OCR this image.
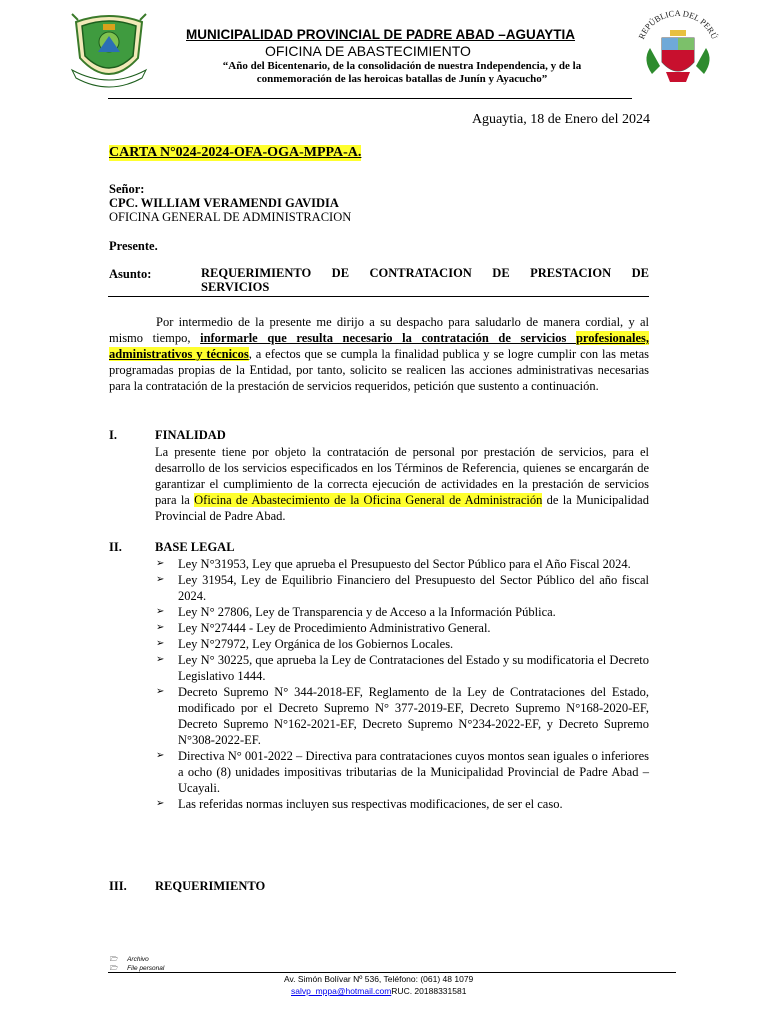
MUNICIPALIDAD PROVINCIAL DE PADRE ABAD –AGUAYTIA
OFICINA DE ABASTECIMIENTO
“Año del Bicentenario, de la consolidación de nuestra Independencia, y de la
conmemoración de las heroicas batallas de Junín y Ayacucho”
REPÚBLICA DEL PERÚ
Aguaytia, 18 de Enero del 2024
CARTA N°024-2024-OFA-OGA-MPPA-A.
Señor:
CPC. WILLIAM VERAMENDI GAVIDIA
OFICINA GENERAL DE ADMINISTRACION
Presente.
Asunto:	REQUERIMIENTO DE CONTRATACION DE PRESTACION DE
SERVICIOS
Por intermedio de la presente me dirijo a su despacho para saludarlo de manera cordial, y al mismo tiempo, informarle que resulta necesario la contratación de servicios profesionales, administrativos y técnicos, a efectos que se cumpla la finalidad publica y se logre cumplir con las metas programadas propias de la Entidad, por tanto, solicito se realicen las acciones administrativas necesarias para la contratación de la prestación de servicios requeridos, petición que sustento a continuación.
I.	FINALIDAD
La presente tiene por objeto la contratación de personal por prestación de servicios, para el desarrollo de los servicios especificados en los Términos de Referencia, quienes se encargarán de garantizar el cumplimiento de la correcta ejecución de actividades en la prestación de servicios para la Oficina de Abastecimiento de la Oficina General de Administración de la Municipalidad Provincial de Padre Abad.
II.	BASE LEGAL
➢ Ley N°31953, Ley que aprueba el Presupuesto del Sector Público para el Año Fiscal 2024.
➢ Ley 31954, Ley de Equilibrio Financiero del Presupuesto del Sector Público del año fiscal 2024.
➢ Ley N° 27806, Ley de Transparencia y de Acceso a la Información Pública.
➢ Ley N°27444 - Ley de Procedimiento Administrativo General.
➢ Ley N°27972, Ley Orgánica de los Gobiernos Locales.
➢ Ley N° 30225, que aprueba la Ley de Contrataciones del Estado y su modificatoria el Decreto Legislativo 1444.
➢ Decreto Supremo N° 344-2018-EF, Reglamento de la Ley de Contrataciones del Estado, modificado por el Decreto Supremo N° 377-2019-EF, Decreto Supremo N°168-2020-EF, Decreto Supremo N°162-2021-EF, Decreto Supremo N°234-2022-EF, y Decreto Supremo N°308-2022-EF.
➢ Directiva N° 001-2022 – Directiva para contrataciones cuyos montos sean iguales o inferiores a ocho (8) unidades impositivas tributarias de la Municipalidad Provincial de Padre Abad – Ucayali.
➢ Las referidas normas incluyen sus respectivas modificaciones, de ser el caso.
III. REQUERIMIENTO
🗁 Archivo
🗁 File personal
Av. Simón Bolívar Nº 536, Teléfono: (061) 48 1079
salvp_mppa@hotmail.comRUC. 20188331581
